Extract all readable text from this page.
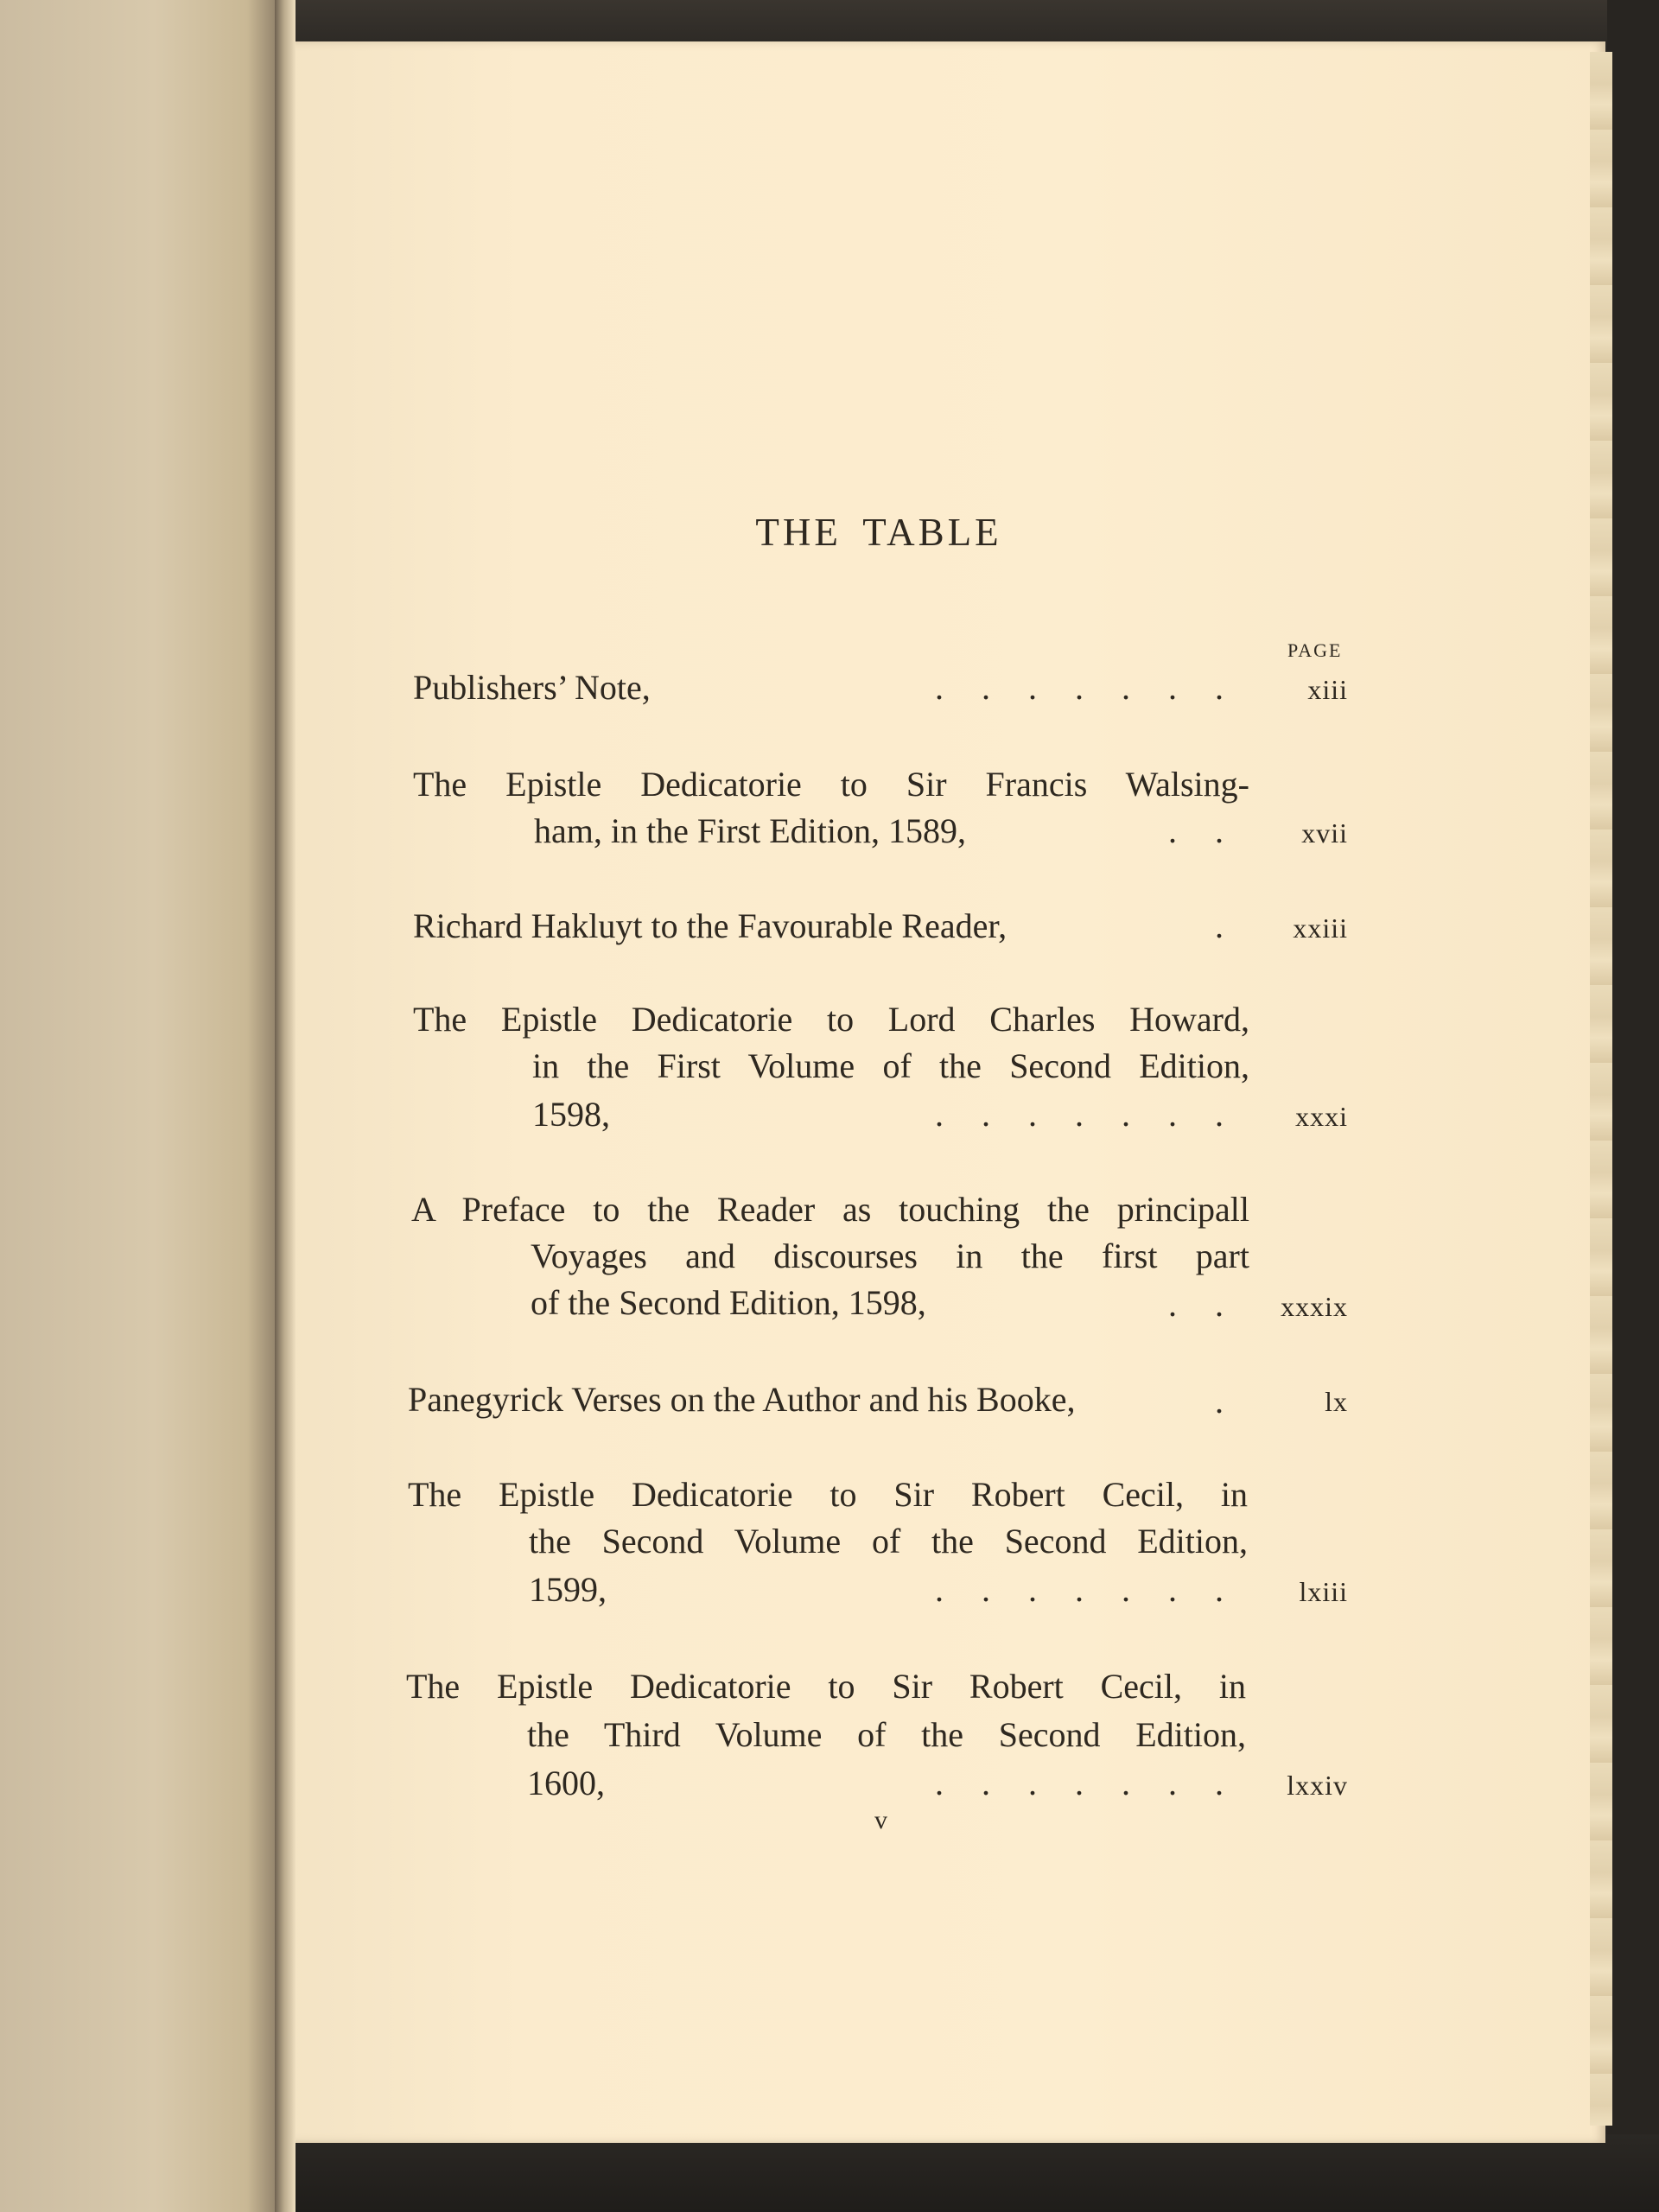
THE TABLE
PAGE
Publishers’ Note,	....... xiii
The Epistle Dedicatorie to Sir Francis Walsing-
ham, in the First Edition, 1589,	.. xvii
Richard Hakluyt to the Favourable Reader,	. xxiii
The Epistle Dedicatorie to Lord Charles Howard,
in the First Volume of the Second Edition,
1598,	....... xxxi
A Preface to the Reader as touching the principall
Voyages and discourses in the first part
of the Second Edition, 1598,	.. xxxix
Panegyrick Verses on the Author and his Booke,	. lx
The Epistle Dedicatorie to Sir Robert Cecil, in
the Second Volume of the Second Edition,
1599,	....... lxiii
The Epistle Dedicatorie to Sir Robert Cecil, in
the Third Volume of the Second Edition,
1600,	....... lxxiv
v
